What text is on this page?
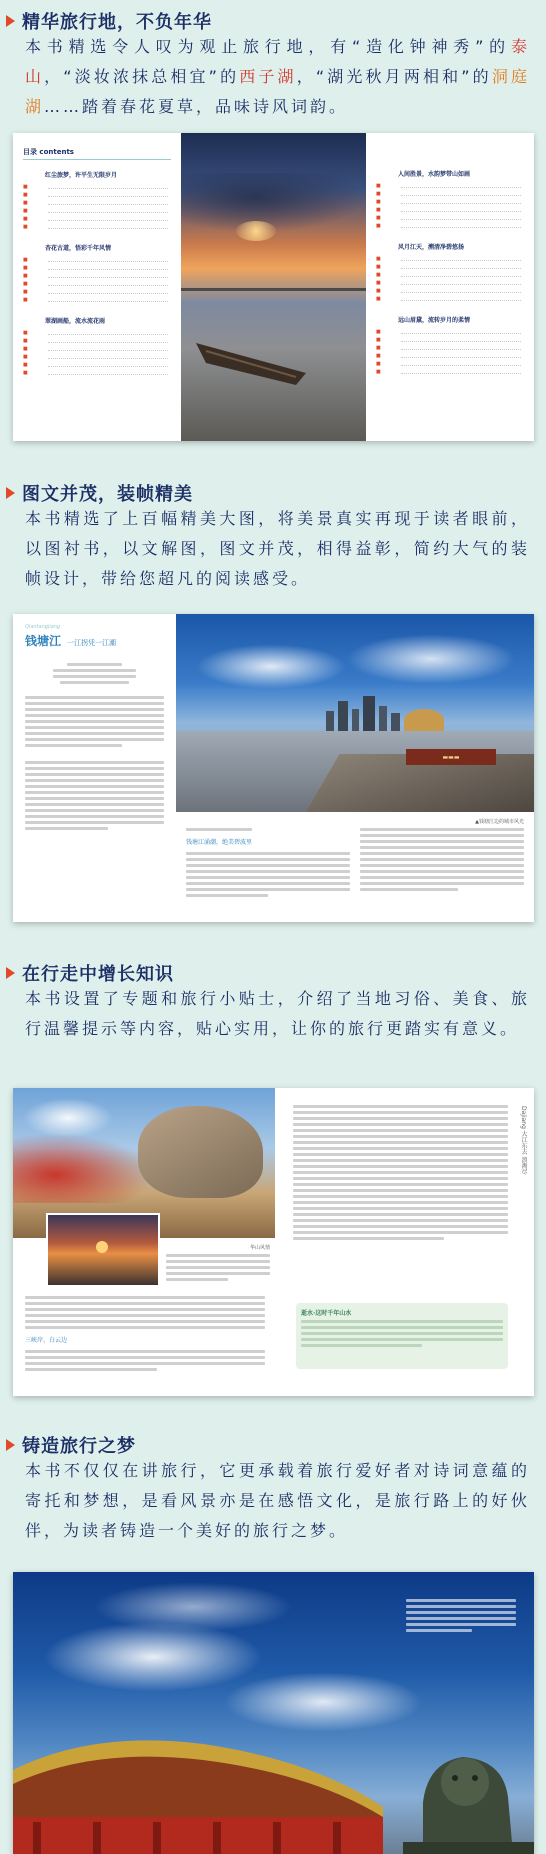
精华旅行地，不负年华
本书精选令人叹为观止旅行地，有“造化钟神秀”的泰山，“淡妆浓抹总相宜”的西子湖，“湖光秋月两相和”的洞庭湖……踏着春花夏草，品味诗风词韵。
目录 contents
红尘旅梦，许平生无限岁月
■
■
■
■
■
■
杏花古道，悟彩千年风情
■
■
■
■
■
■
翠湖画船，流水流花雨
■
■
■
■
■
■
人间胜景，水韵梦带山如画
■
■
■
■
■
■
风月江天，溯清净碧悠扬
■
■
■
■
■
■
远山眉黛，流转岁月的柔情
■
■
■
■
■
■
图文并茂，装帧精美
本书精选了上百幅精美大图，将美景真实再现于读者眼前，以图衬书，以文解图，图文并茂，相得益彰，简约大气的装帧设计，带给您超凡的阅读感受。
Qiantangjiang
钱塘江 一江拐凭一江潮
▬▬▬
▲钱塘江边的城市风光
钱塘江涌潮，绝美碧波里
在行走中增长知识
本书设置了专题和旅行小贴士，介绍了当地习俗、美食、旅行温馨提示等内容，贴心实用，让你的旅行更踏实有意义。
华山风情
三峡岸、白云边
逝水·这时千年山水
Dajiang 大江东去 浪淘尽
铸造旅行之梦
本书不仅仅在讲旅行，它更承载着旅行爱好者对诗词意蕴的寄托和梦想，是看风景亦是在感悟文化，是旅行路上的好伙伴，为读者铸造一个美好的旅行之梦。
